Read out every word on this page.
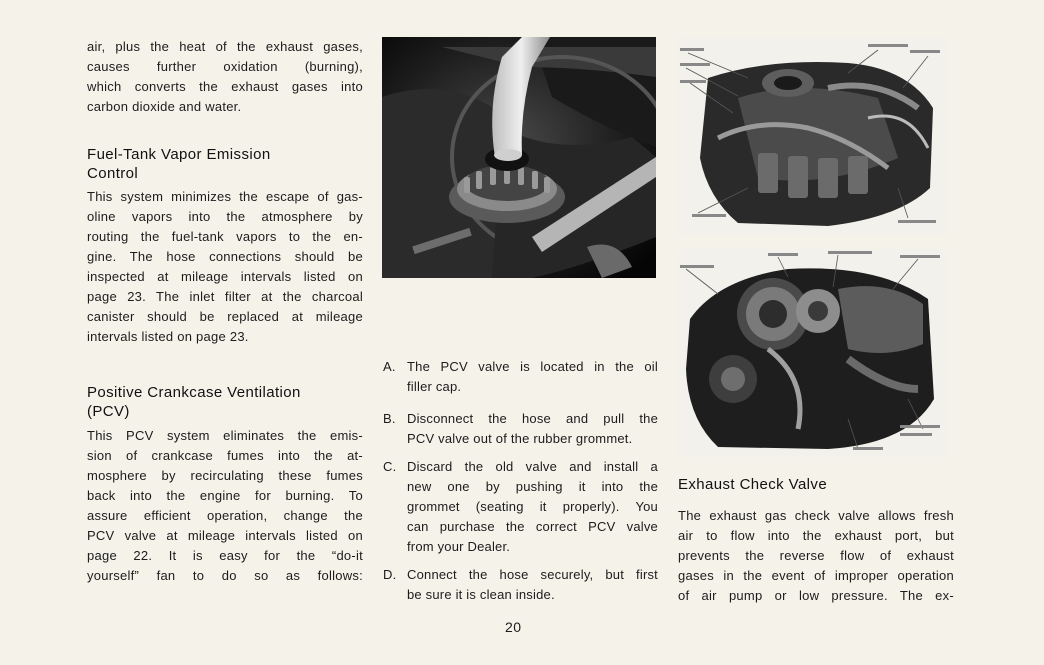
air, plus the heat of the exhaust gases,
causes further oxidation (burning),
which converts the exhaust gases into
carbon dioxide and water.

Fuel-Tank Vapor Emission
Control

This system minimizes the escape of gas-
oline vapors into the atmosphere by
routing the fuel-tank vapors to the en-
gine. The hose connections should be
inspected at mileage intervals listed on
page 23. The inlet filter at the charcoal
canister should be replaced at mileage
intervals listed on page 23.

Positive Crankcase Ventilation
(PCV)

This PCV system eliminates the emis-
sion of crankcase fumes into the at-
mosphere by recirculating these fumes
back into the engine for burning. To
assure efficient operation, change the
PCV valve at mileage intervals listed on
page 22. It is easy for the “do-it
yourself” fan to do so as follows:

A. The PCV valve is located in the oil
filler cap.
B. Disconnect the hose and pull the
PCV valve out of the rubber grommet.
C. Discard the old valve and install a
new one by pushing it into the
grommet (seating it properly). You
can purchase the correct PCV valve
from your Dealer.
D. Connect the hose securely, but first
be sure it is clean inside.
Exhaust Check Valve

The exhaust gas check valve allows fresh
air to flow into the exhaust port, but
prevents the reverse flow of exhaust
gases in the event of improper operation
of air pump or low pressure. The ex-

20
